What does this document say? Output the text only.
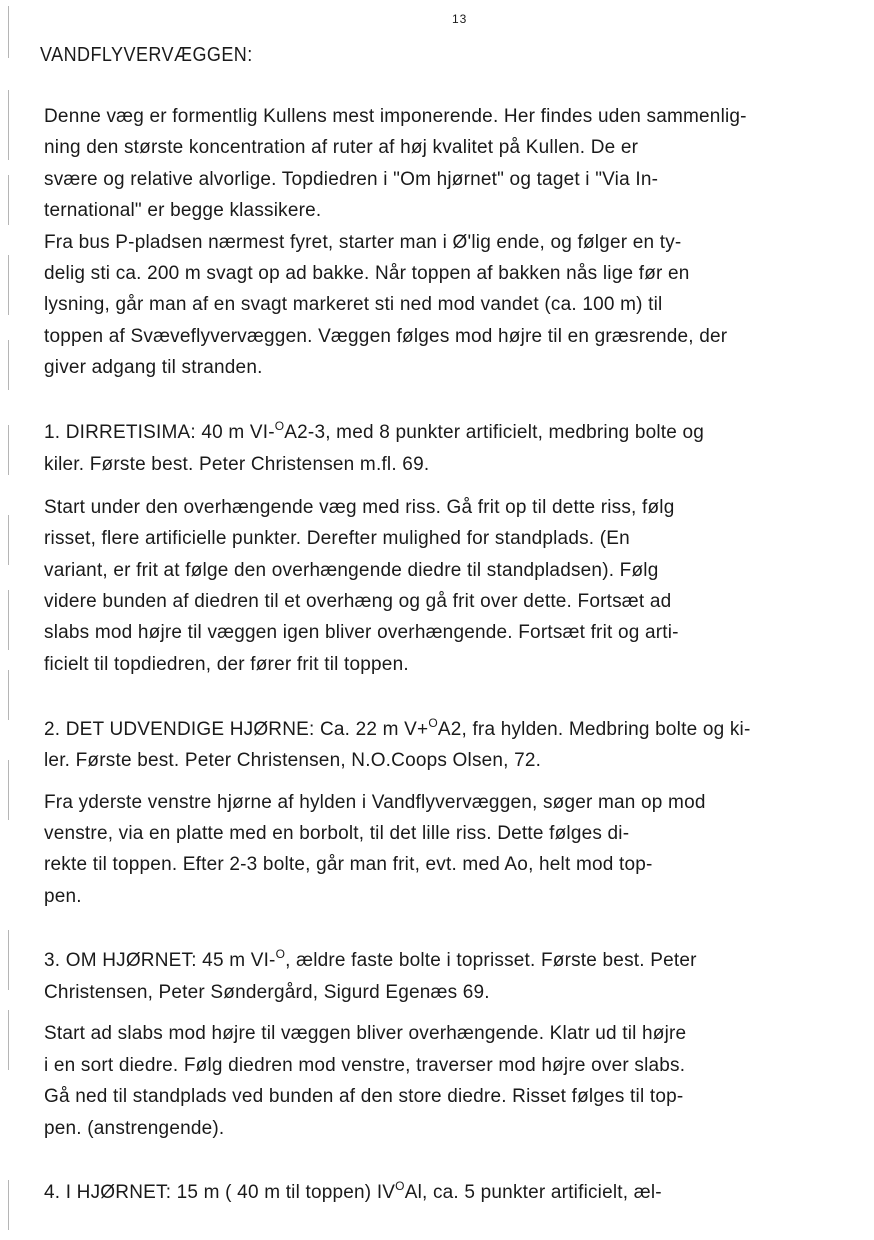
13
VANDFLYVERVÆGGEN:
Denne væg er formentlig Kullens mest imponerende. Her findes uden sammenlig-
ning den største koncentration af ruter af høj kvalitet på Kullen. De er
svære og relative alvorlige. Topdiedren i "Om hjørnet" og taget i "Via In-
ternational" er begge klassikere.
Fra bus P-pladsen nærmest fyret, starter man i Ø'lig ende, og følger en ty-
delig sti ca. 200 m svagt op ad bakke. Når toppen af bakken nås lige før en
lysning, går man af en svagt markeret sti ned mod vandet (ca. 100 m) til
toppen af Svæveflyvervæggen. Væggen følges mod højre til en græsrende, der
giver adgang til stranden.
1. DIRRETISIMA: 40 m VI-$^O$A2-3, med 8 punkter artificielt, medbring bolte og
kiler. Første best. Peter Christensen m.fl. 69.
Start under den overhængende væg med riss. Gå frit op til dette riss, følg
risset, flere artificielle punkter. Derefter mulighed for standplads. (En
variant, er frit at følge den overhængende diedre til standpladsen). Følg
videre bunden af diedren til et overhæng og gå frit over dette. Fortsæt ad
slabs mod højre til væggen igen bliver overhængende. Fortsæt frit og arti-
ficielt til topdiedren, der fører frit til toppen.
2. DET UDVENDIGE HJØRNE: Ca. 22 m V+$^O$A2, fra hylden. Medbring bolte og ki-
ler. Første best. Peter Christensen, N.O.Coops Olsen, 72.
Fra yderste venstre hjørne af hylden i Vandflyvervæggen, søger man op mod
venstre, via en platte med en borbolt, til det lille riss. Dette følges di-
rekte til toppen. Efter 2-3 bolte, går man frit, evt. med Ao, helt mod top-
pen.
3. OM HJØRNET: 45 m VI-$^O$, ældre faste bolte i toprisset. Første best. Peter
Christensen, Peter Søndergård, Sigurd Egenæs 69.
Start ad slabs mod højre til væggen bliver overhængende. Klatr ud til højre
i en sort diedre. Følg diedren mod venstre, traverser mod højre over slabs.
Gå ned til standplads ved bunden af den store diedre. Risset følges til top-
pen. (anstrengende).
4. I HJØRNET: 15 m ( 40 m til toppen) $IV^OAl$, ca. 5 punkter artificielt, æl-
